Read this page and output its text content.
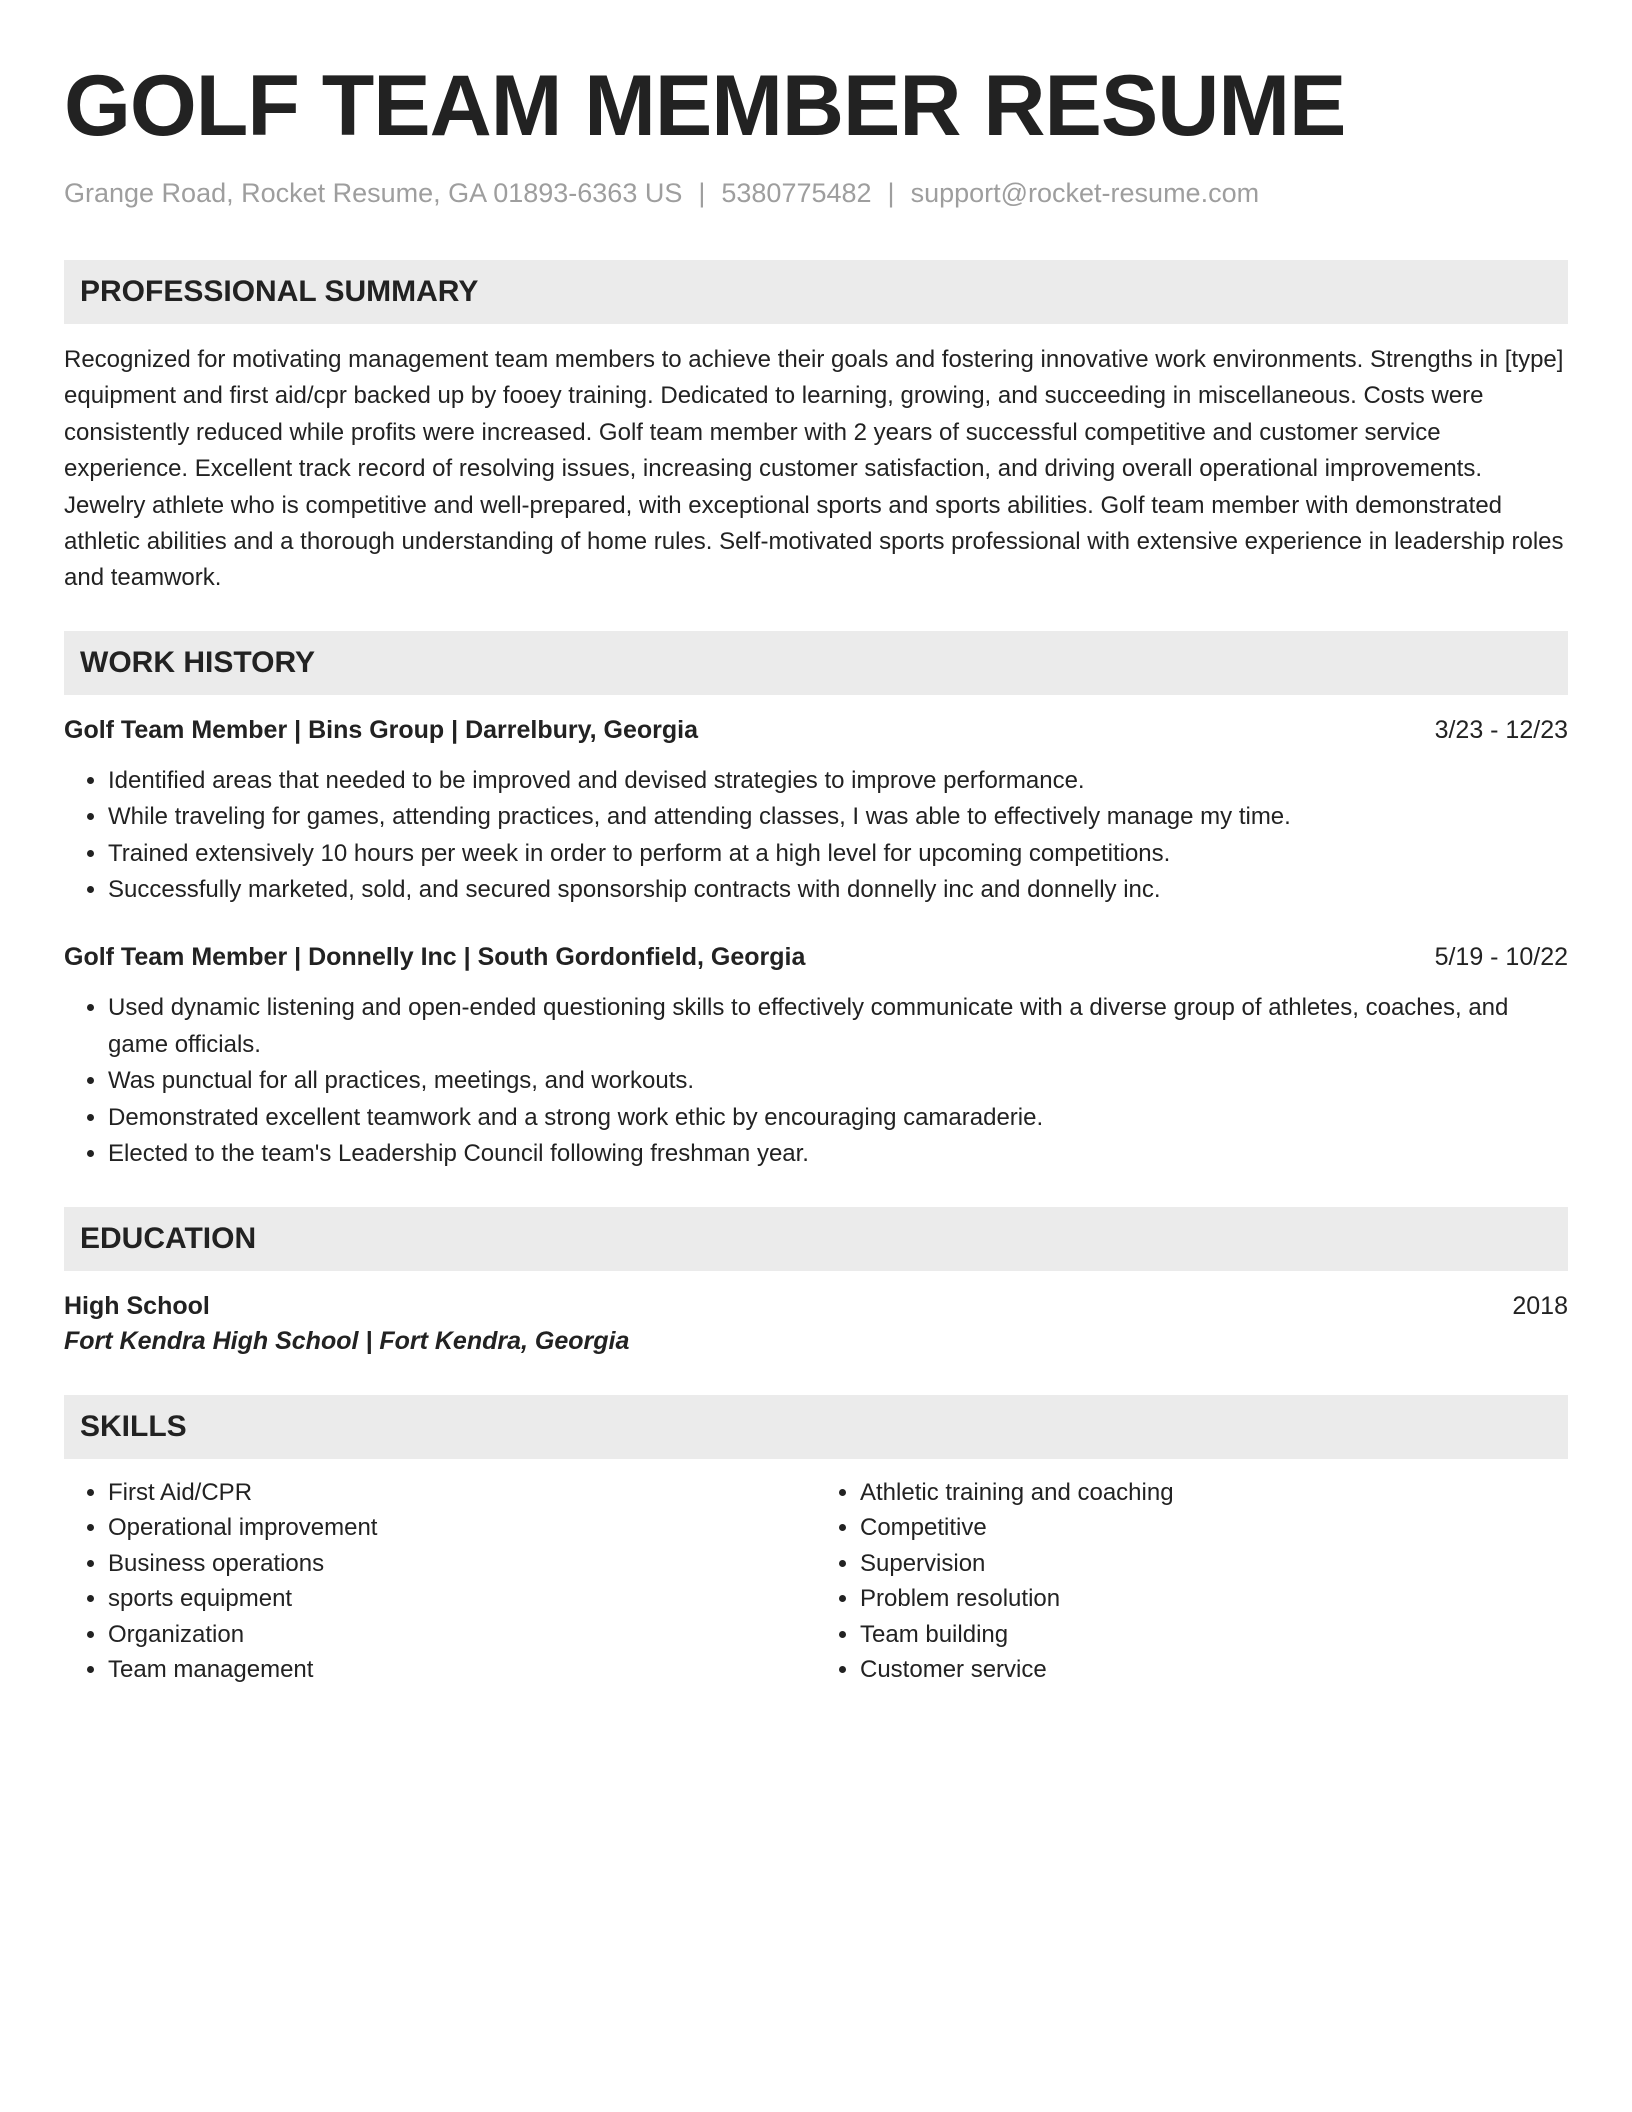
GOLF TEAM MEMBER RESUME
Grange Road, Rocket Resume, GA 01893-6363 US | 5380775482 | support@rocket-resume.com
PROFESSIONAL SUMMARY

Recognized for motivating management team members to achieve their goals and fostering innovative work environments. Strengths in [type] equipment and first aid/cpr backed up by fooey training. Dedicated to learning, growing, and succeeding in miscellaneous. Costs were consistently reduced while profits were increased. Golf team member with 2 years of successful competitive and customer service experience. Excellent track record of resolving issues, increasing customer satisfaction, and driving overall operational improvements. Jewelry athlete who is competitive and well-prepared, with exceptional sports and sports abilities. Golf team member with demonstrated athletic abilities and a thorough understanding of home rules. Self-motivated sports professional with extensive experience in leadership roles and teamwork.

WORK HISTORY
Golf Team Member | Bins Group | Darrelbury, Georgia	3/23 - 12/23
• Identified areas that needed to be improved and devised strategies to improve performance.
• While traveling for games, attending practices, and attending classes, I was able to effectively manage my time.
• Trained extensively 10 hours per week in order to perform at a high level for upcoming competitions.
• Successfully marketed, sold, and secured sponsorship contracts with donnelly inc and donnelly inc.
Golf Team Member | Donnelly Inc | South Gordonfield, Georgia	5/19 - 10/22
• Used dynamic listening and open-ended questioning skills to effectively communicate with a diverse group of athletes, coaches, and game officials.
• Was punctual for all practices, meetings, and workouts.
• Demonstrated excellent teamwork and a strong work ethic by encouraging camaraderie.
• Elected to the team's Leadership Council following freshman year.
EDUCATION
High School	2018
Fort Kendra High School | Fort Kendra, Georgia
SKILLS
• First Aid/CPR
• Operational improvement
• Business operations
• sports equipment
• Organization
• Team management
• Athletic training and coaching
• Competitive
• Supervision
• Problem resolution
• Team building
• Customer service
